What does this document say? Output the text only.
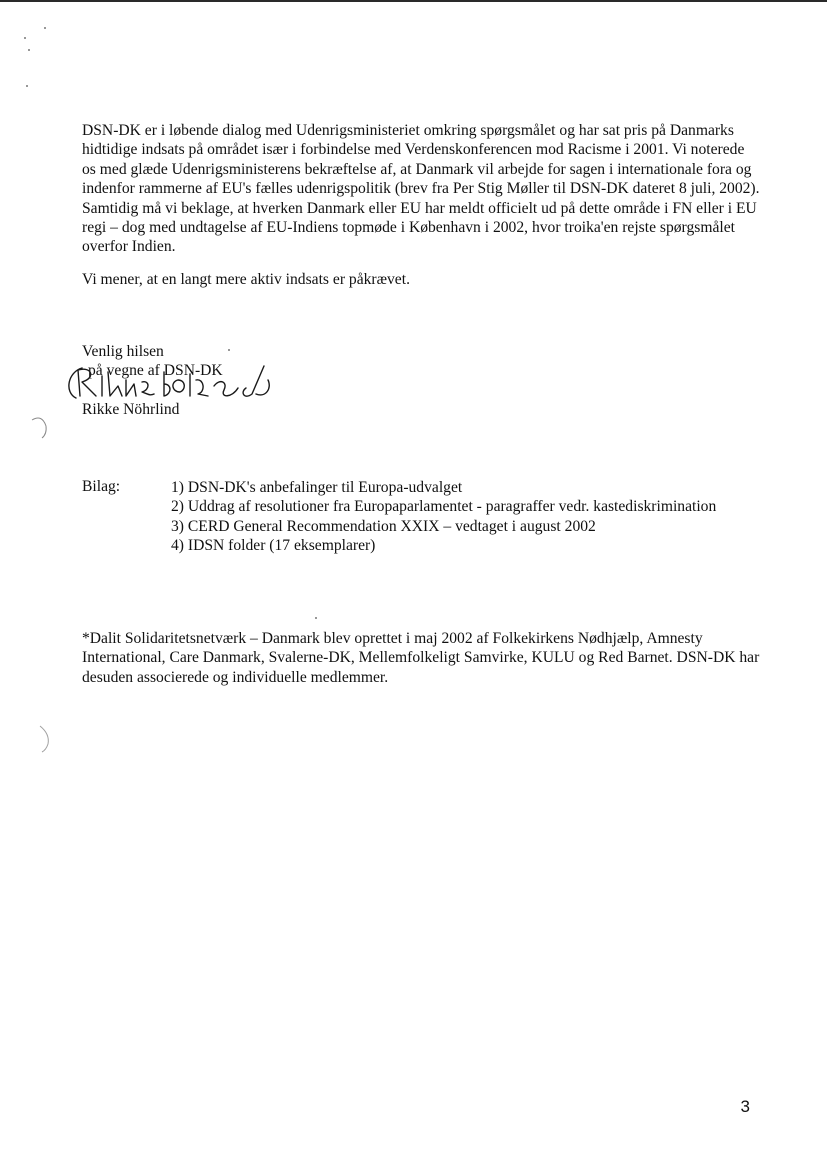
DSN-DK er i løbende dialog med Udenrigsministeriet omkring spørgsmålet og har sat pris på Danmarks hidtidige indsats på området især i forbindelse med Verdenskonferencen mod Racisme i 2001. Vi noterede os med glæde Udenrigsministerens bekræftelse af, at Danmark vil arbejde for sagen i internationale fora og indenfor rammerne af EU's fælles udenrigspolitik (brev fra Per Stig Møller til DSN-DK dateret 8 juli, 2002). Samtidig må vi beklage, at hverken Danmark eller EU har meldt officielt ud på dette område i FN eller i EU regi – dog med undtagelse af EU-Indiens topmøde i København i 2002, hvor troika'en rejste spørgsmålet overfor Indien.

Vi mener, at en langt mere aktiv indsats er påkrævet.

Venlig hilsen
på vegne af DSN-DK
Rikke Nöhrlind
Bilag:	1) DSN-DK's anbefalinger til Europa-udvalget
2) Uddrag af resolutioner fra Europaparlamentet - paragraffer vedr. kastediskrimination
3) CERD General Recommendation XXIX – vedtaget i august 2002
4) IDSN folder (17 eksemplarer)

*Dalit Solidaritetsnetværk – Danmark blev oprettet i maj 2002 af Folkekirkens Nødhjælp, Amnesty International, Care Danmark, Svalerne-DK, Mellemfolkeligt Samvirke, KULU og Red Barnet. DSN-DK har desuden associerede og individuelle medlemmer.

3
